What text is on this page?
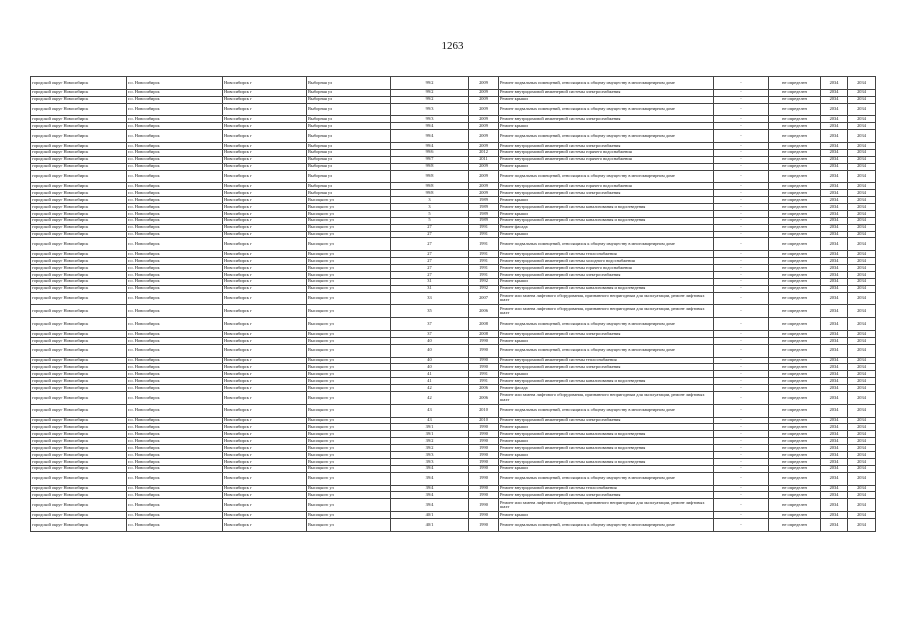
1263
городской округ Новосибирск	г.о. Новосибирск	Новосибирск г	Выборная ул	99/2	2009	Ремонт подвальных помещений, относящихся к общему имуществу в многоквартирном доме	-	не определен	2034	2034
городской округ Новосибирск	г.о. Новосибирск	Новосибирск г	Выборная ул	99/2	2009	Ремонт внутридомовой инженерной системы электроснабжения	-	не определен	2034	2034
городской округ Новосибирск	г.о. Новосибирск	Новосибирск г	Выборная ул	99/2	2009	Ремонт крыши	-	не определен	2034	2034
городской округ Новосибирск	г.о. Новосибирск	Новосибирск г	Выборная ул	99/3	2009	Ремонт подвальных помещений, относящихся к общему имуществу в многоквартирном доме	-	не определен	2034	2034
городской округ Новосибирск	г.о. Новосибирск	Новосибирск г	Выборная ул	99/3	2009	Ремонт внутридомовой инженерной системы электроснабжения	-	не определен	2034	2034
городской округ Новосибирск	г.о. Новосибирск	Новосибирск г	Выборная ул	99/4	2009	Ремонт крыши	-	не определен	2034	2034
городской округ Новосибирск	г.о. Новосибирск	Новосибирск г	Выборная ул	99/4	2009	Ремонт подвальных помещений, относящихся к общему имуществу в многоквартирном доме	-	не определен	2034	2034
городской округ Новосибирск	г.о. Новосибирск	Новосибирск г	Выборная ул	99/4	2009	Ремонт внутридомовой инженерной системы электроснабжения	-	не определен	2034	2034
городской округ Новосибирск	г.о. Новосибирск	Новосибирск г	Выборная ул	99/6	2012	Ремонт внутридомовой инженерной системы горячего водоснабжения	-	не определен	2034	2034
городской округ Новосибирск	г.о. Новосибирск	Новосибирск г	Выборная ул	99/7	2011	Ремонт внутридомовой инженерной системы горячего водоснабжения	-	не определен	2034	2034
городской округ Новосибирск	г.о. Новосибирск	Новосибирск г	Выборная ул	99/8	2009	Ремонт крыши	-	не определен	2034	2034
городской округ Новосибирск	г.о. Новосибирск	Новосибирск г	Выборная ул	99/8	2009	Ремонт подвальных помещений, относящихся к общему имуществу в многоквартирном доме	-	не определен	2034	2034
городской округ Новосибирск	г.о. Новосибирск	Новосибирск г	Выборная ул	99/8	2009	Ремонт внутридомовой инженерной системы горячего водоснабжения	-	не определен	2034	2034
городской округ Новосибирск	г.о. Новосибирск	Новосибирск г	Выборная ул	99/8	2009	Ремонт внутридомовой инженерной системы электроснабжения	-	не определен	2034	2034
городской округ Новосибирск	г.о. Новосибирск	Новосибирск г	Высоцкого ул	3	1989	Ремонт крыши	-	не определен	2034	2034
городской округ Новосибирск	г.о. Новосибирск	Новосибирск г	Высоцкого ул	3	1989	Ремонт внутридомовой инженерной системы канализования и водоотведения	-	не определен	2034	2034
городской округ Новосибирск	г.о. Новосибирск	Новосибирск г	Высоцкого ул	5	1989	Ремонт крыши	-	не определен	2034	2034
городской округ Новосибирск	г.о. Новосибирск	Новосибирск г	Высоцкого ул	5	1989	Ремонт внутридомовой инженерной системы канализования и водоотведения	-	не определен	2034	2034
городской округ Новосибирск	г.о. Новосибирск	Новосибирск г	Высоцкого ул	27	1991	Ремонт фасада	-	не определен	2034	2034
городской округ Новосибирск	г.о. Новосибирск	Новосибирск г	Высоцкого ул	27	1991	Ремонт крыши	-	не определен	2034	2034
городской округ Новосибирск	г.о. Новосибирск	Новосибирск г	Высоцкого ул	27	1991	Ремонт подвальных помещений, относящихся к общему имуществу в многоквартирном доме	-	не определен	2034	2034
городской округ Новосибирск	г.о. Новосибирск	Новосибирск г	Высоцкого ул	27	1991	Ремонт внутридомовой инженерной системы теплоснабжения	-	не определен	2034	2034
городской округ Новосибирск	г.о. Новосибирск	Новосибирск г	Высоцкого ул	27	1991	Ремонт внутридомовой инженерной системы холодного водоснабжения	-	не определен	2034	2034
городской округ Новосибирск	г.о. Новосибирск	Новосибирск г	Высоцкого ул	27	1991	Ремонт внутридомовой инженерной системы горячего водоснабжения	-	не определен	2034	2034
городской округ Новосибирск	г.о. Новосибирск	Новосибирск г	Высоцкого ул	27	1991	Ремонт внутридомовой инженерной системы электроснабжения	-	не определен	2034	2034
городской округ Новосибирск	г.о. Новосибирск	Новосибирск г	Высоцкого ул	31	1992	Ремонт крыши	-	не определен	2034	2034
городской округ Новосибирск	г.о. Новосибирск	Новосибирск г	Высоцкого ул	31	1992	Ремонт внутридомовой инженерной системы канализования и водоотведения	-	не определен	2034	2034
городской округ Новосибирск	г.о. Новосибирск	Новосибирск г	Высоцкого ул	33	2007	Ремонт или замена лифтового оборудования, признанного непригодным для эксплуатации, ремонт лифтовых шахт	-	не определен	2034	2034
городской округ Новосибирск	г.о. Новосибирск	Новосибирск г	Высоцкого ул	35	2006	Ремонт или замена лифтового оборудования, признанного непригодным для эксплуатации, ремонт лифтовых шахт	-	не определен	2034	2034
городской округ Новосибирск	г.о. Новосибирск	Новосибирск г	Высоцкого ул	37	2008	Ремонт подвальных помещений, относящихся к общему имуществу в многоквартирном доме	-	не определен	2034	2034
городской округ Новосибирск	г.о. Новосибирск	Новосибирск г	Высоцкого ул	37	2008	Ремонт внутридомовой инженерной системы электроснабжения	-	не определен	2034	2034
городской округ Новосибирск	г.о. Новосибирск	Новосибирск г	Высоцкого ул	40	1990	Ремонт крыши	-	не определен	2034	2034
городской округ Новосибирск	г.о. Новосибирск	Новосибирск г	Высоцкого ул	40	1990	Ремонт подвальных помещений, относящихся к общему имуществу в многоквартирном доме	-	не определен	2034	2034
городской округ Новосибирск	г.о. Новосибирск	Новосибирск г	Высоцкого ул	40	1990	Ремонт внутридомовой инженерной системы теплоснабжения	-	не определен	2034	2034
городской округ Новосибирск	г.о. Новосибирск	Новосибирск г	Высоцкого ул	40	1990	Ремонт внутридомовой инженерной системы электроснабжения	-	не определен	2034	2034
городской округ Новосибирск	г.о. Новосибирск	Новосибирск г	Высоцкого ул	41	1991	Ремонт крыши	-	не определен	2034	2034
городской округ Новосибирск	г.о. Новосибирск	Новосибирск г	Высоцкого ул	41	1991	Ремонт внутридомовой инженерной системы канализования и водоотведения	-	не определен	2034	2034
городской округ Новосибирск	г.о. Новосибирск	Новосибирск г	Высоцкого ул	42	2006	Ремонт фасада	-	не определен	2034	2034
городской округ Новосибирск	г.о. Новосибирск	Новосибирск г	Высоцкого ул	42	2006	Ремонт или замена лифтового оборудования, признанного непригодным для эксплуатации, ремонт лифтовых шахт	-	не определен	2034	2034
городской округ Новосибирск	г.о. Новосибирск	Новосибирск г	Высоцкого ул	43	2010	Ремонт подвальных помещений, относящихся к общему имуществу в многоквартирном доме	-	не определен	2034	2034
городской округ Новосибирск	г.о. Новосибирск	Новосибирск г	Высоцкого ул	43	2010	Ремонт внутридомовой инженерной системы электроснабжения	-	не определен	2034	2034
городской округ Новосибирск	г.о. Новосибирск	Новосибирск г	Высоцкого ул	39/1	1990	Ремонт крыши	-	не определен	2034	2034
городской округ Новосибирск	г.о. Новосибирск	Новосибирск г	Высоцкого ул	39/1	1990	Ремонт внутридомовой инженерной системы канализования и водоотведения	-	не определен	2034	2034
городской округ Новосибирск	г.о. Новосибирск	Новосибирск г	Высоцкого ул	39/2	1990	Ремонт крыши	-	не определен	2034	2034
городской округ Новосибирск	г.о. Новосибирск	Новосибирск г	Высоцкого ул	39/2	1990	Ремонт внутридомовой инженерной системы канализования и водоотведения	-	не определен	2034	2034
городской округ Новосибирск	г.о. Новосибирск	Новосибирск г	Высоцкого ул	39/3	1990	Ремонт крыши	-	не определен	2034	2034
городской округ Новосибирск	г.о. Новосибирск	Новосибирск г	Высоцкого ул	39/3	1990	Ремонт внутридомовой инженерной системы канализования и водоотведения	-	не определен	2034	2034
городской округ Новосибирск	г.о. Новосибирск	Новосибирск г	Высоцкого ул	39/4	1990	Ремонт крыши	-	не определен	2034	2034
городской округ Новосибирск	г.о. Новосибирск	Новосибирск г	Высоцкого ул	39/4	1990	Ремонт подвальных помещений, относящихся к общему имуществу в многоквартирном доме	-	не определен	2034	2034
городской округ Новосибирск	г.о. Новосибирск	Новосибирск г	Высоцкого ул	39/4	1990	Ремонт внутридомовой инженерной системы теплоснабжения	-	не определен	2034	2034
городской округ Новосибирск	г.о. Новосибирск	Новосибирск г	Высоцкого ул	39/4	1990	Ремонт внутридомовой инженерной системы электроснабжения	-	не определен	2034	2034
городской округ Новосибирск	г.о. Новосибирск	Новосибирск г	Высоцкого ул	39/4	1990	Ремонт или замена лифтового оборудования, признанного непригодным для эксплуатации, ремонт лифтовых шахт	-	не определен	2034	2034
городской округ Новосибирск	г.о. Новосибирск	Новосибирск г	Высоцкого ул	40/1	1990	Ремонт крыши	-	не определен	2034	2034
городской округ Новосибирск	г.о. Новосибирск	Новосибирск г	Высоцкого ул	40/1	1990	Ремонт подвальных помещений, относящихся к общему имуществу в многоквартирном доме	-	не определен	2034	2034
